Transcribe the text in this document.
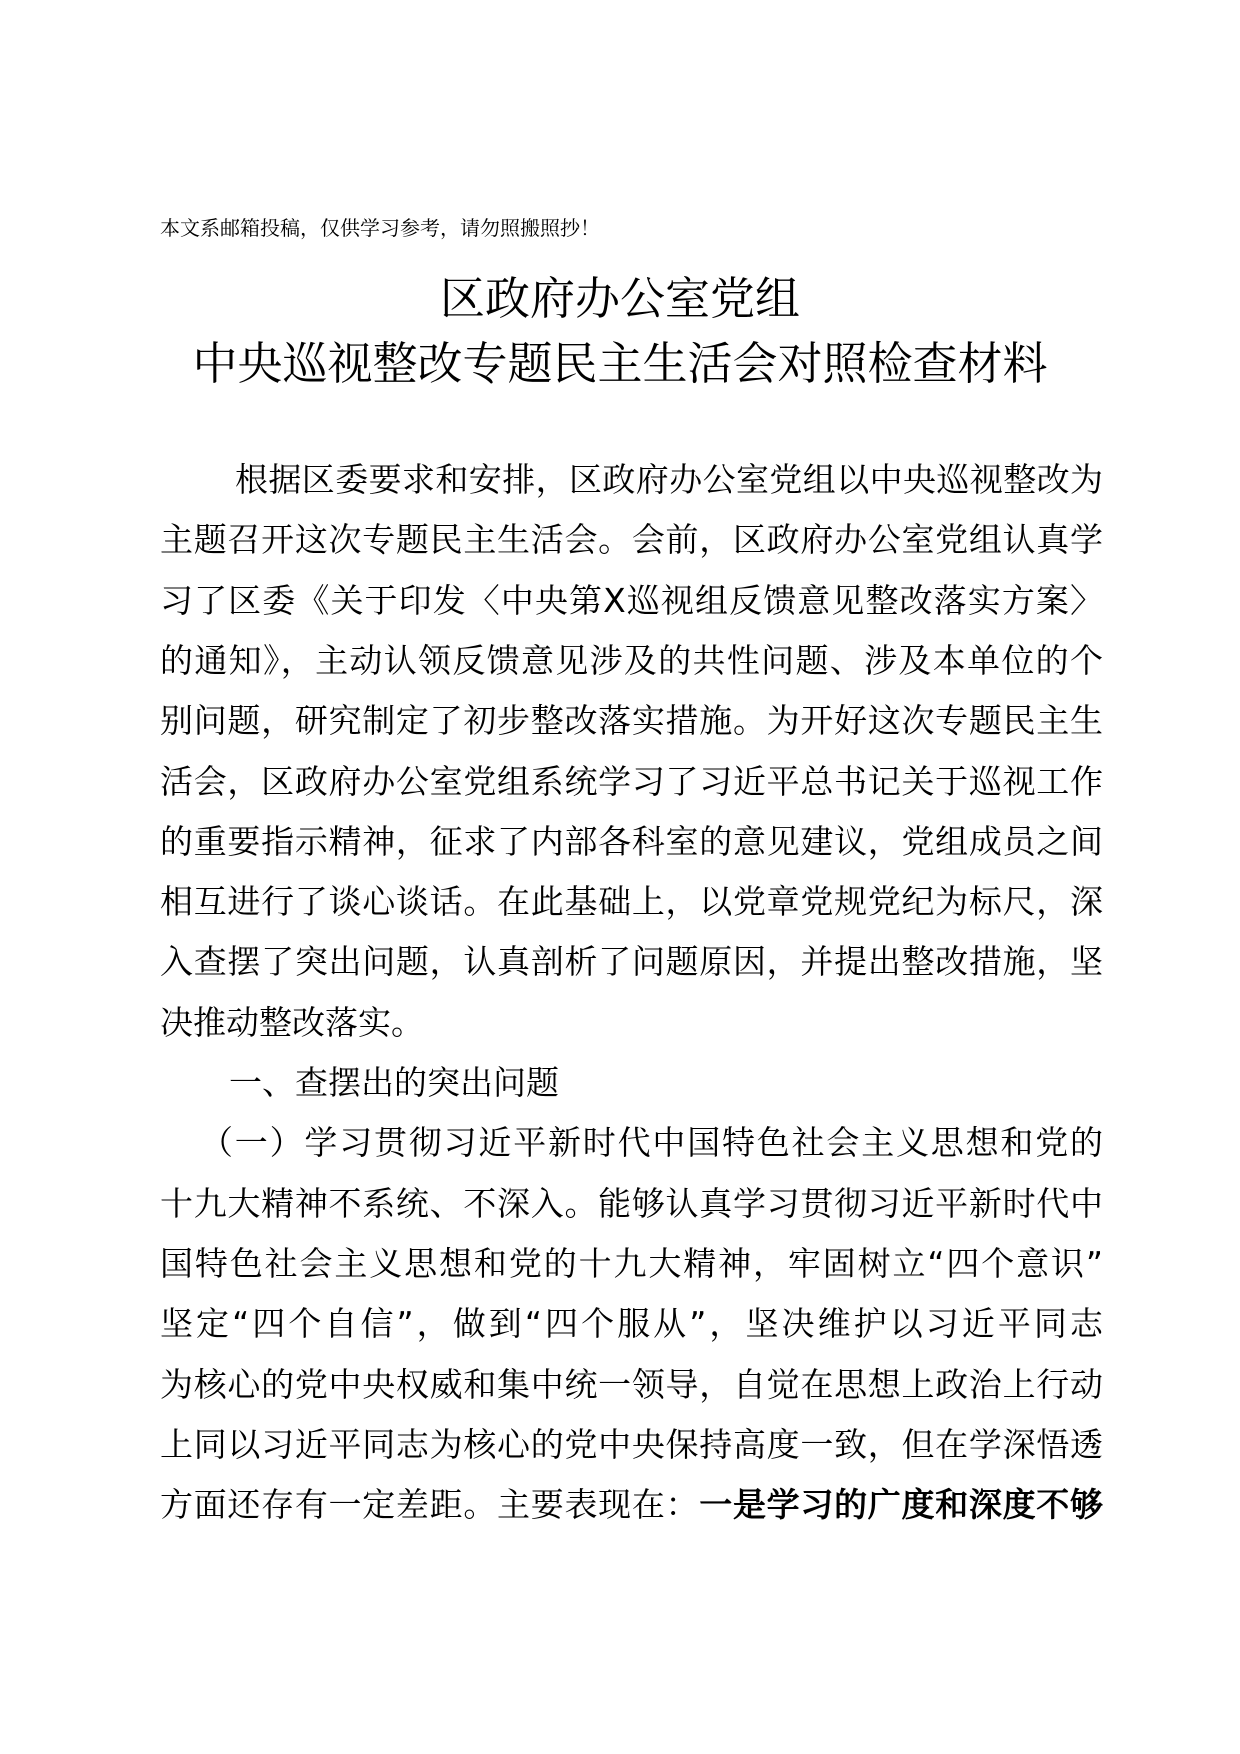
本文系邮箱投稿，仅供学习参考，请勿照搬照抄！
区政府办公室党组
中央巡视整改专题民主生活会对照检查材料
根据区委要求和安排，区政府办公室党组以中央巡视整改为
主题召开这次专题民主生活会。会前，区政府办公室党组认真学
习了区委《关于印发〈中央第X巡视组反馈意见整改落实方案〉
的通知》，主动认领反馈意见涉及的共性问题、涉及本单位的个
别问题，研究制定了初步整改落实措施。为开好这次专题民主生
活会，区政府办公室党组系统学习了习近平总书记关于巡视工作
的重要指示精神，征求了内部各科室的意见建议，党组成员之间
相互进行了谈心谈话。在此基础上，以党章党规党纪为标尺，深
入查摆了突出问题，认真剖析了问题原因，并提出整改措施，坚
决推动整改落实。
一、查摆出的突出问题
（一）学习贯彻习近平新时代中国特色社会主义思想和党的
十九大精神不系统、不深入。能够认真学习贯彻习近平新时代中
国特色社会主义思想和党的十九大精神，牢固树立“四个意识”
坚定“四个自信”，做到“四个服从”，坚决维护以习近平同志
为核心的党中央权威和集中统一领导，自觉在思想上政治上行动
上同以习近平同志为核心的党中央保持高度一致，但在学深悟透
方面还存有一定差距。主要表现在：一是学习的广度和深度不够
